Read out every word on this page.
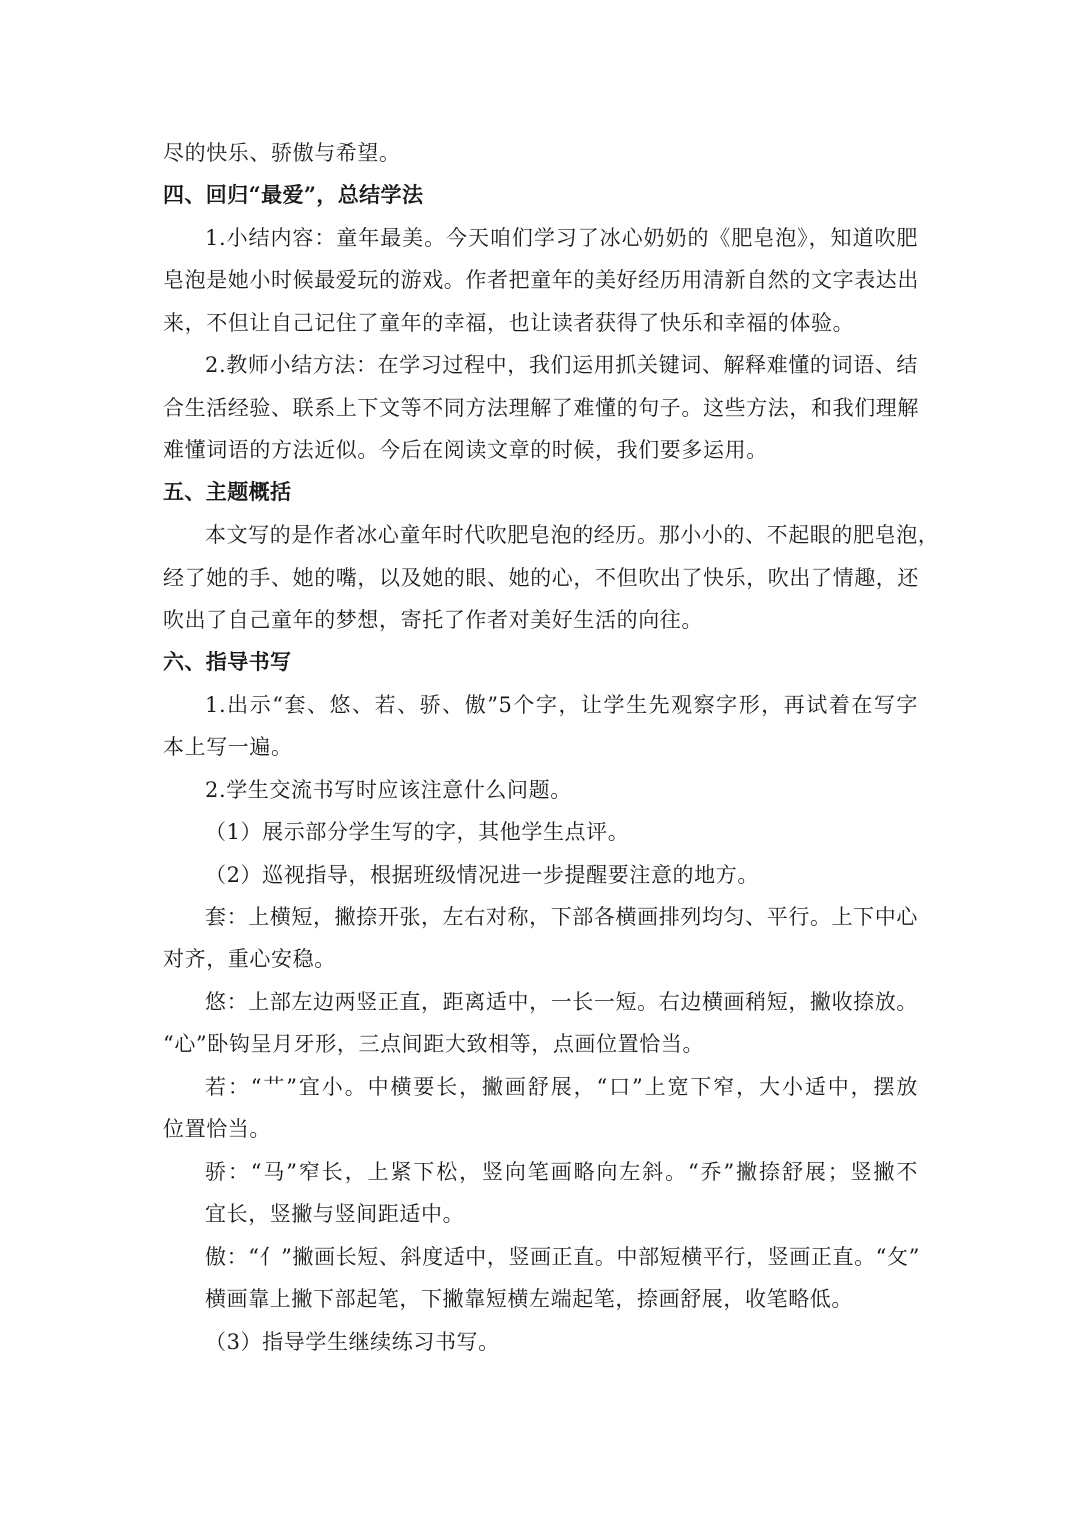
尽的快乐、骄傲与希望。
四、回归“最爱”，总结学法
1.小结内容：童年最美。今天咱们学习了冰心奶奶的《肥皂泡》，知道吹肥
皂泡是她小时候最爱玩的游戏。作者把童年的美好经历用清新自然的文字表达出
来，不但让自己记住了童年的幸福，也让读者获得了快乐和幸福的体验。
2.教师小结方法：在学习过程中，我们运用抓关键词、解释难懂的词语、结
合生活经验、联系上下文等不同方法理解了难懂的句子。这些方法，和我们理解
难懂词语的方法近似。今后在阅读文章的时候，我们要多运用。
五、主题概括
本文写的是作者冰心童年时代吹肥皂泡的经历。那小小的、不起眼的肥皂泡，
经了她的手、她的嘴，以及她的眼、她的心，不但吹出了快乐，吹出了情趣，还
吹出了自己童年的梦想，寄托了作者对美好生活的向往。
六、指导书写
1.出示“套、悠、若、骄、傲”5个字，让学生先观察字形，再试着在写字
本上写一遍。
2.学生交流书写时应该注意什么问题。
（1）展示部分学生写的字，其他学生点评。
（2）巡视指导，根据班级情况进一步提醒要注意的地方。
套：上横短，撇捺开张，左右对称，下部各横画排列均匀、平行。上下中心
对齐，重心安稳。
悠：上部左边两竖正直，距离适中，一长一短。右边横画稍短，撇收捺放。
“心”卧钩呈月牙形，三点间距大致相等，点画位置恰当。
若：“艹”宜小。中横要长，撇画舒展，“口”上宽下窄，大小适中，摆放
位置恰当。
骄：“马”窄长，上紧下松，竖向笔画略向左斜。“乔”撇捺舒展；竖撇不
宜长，竖撇与竖间距适中。
傲：“亻”撇画长短、斜度适中，竖画正直。中部短横平行，竖画正直。“攵”
横画靠上撇下部起笔，下撇靠短横左端起笔，捺画舒展，收笔略低。
（3）指导学生继续练习书写。
